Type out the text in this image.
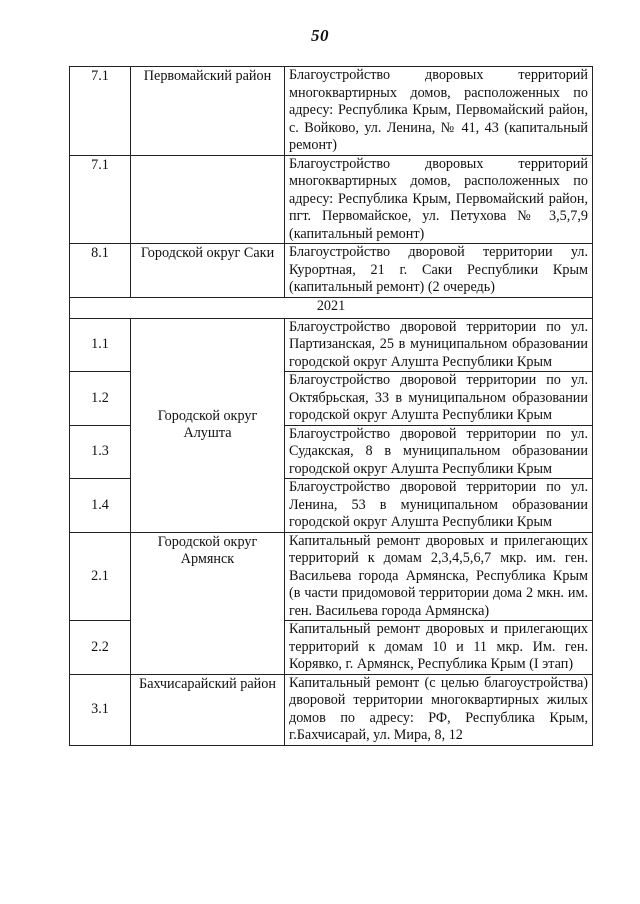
50
7.1	Первомайский район	Благоустройство дворовых территорий многоквартирных домов, расположенных по адресу: Республика Крым, Первомайский район, с. Войково, ул. Ленина, № 41, 43 (капитальный ремонт)
7.1		Благоустройство дворовых территорий многоквартирных домов, расположенных по адресу: Республика Крым, Первомайский район, пгт. Первомайское, ул. Петухова № 3,5,7,9 (капитальный ремонт)
8.1	Городской округ Саки	Благоустройство дворовой территории ул. Курортная, 21 г. Саки Республики Крым (капитальный ремонт) (2 очередь)
2021		
1.1	Городской округ Алушта	Благоустройство дворовой территории по ул. Партизанская, 25 в муниципальном образовании городской округ Алушта Республики Крым
1.2		Благоустройство дворовой территории по ул. Октябрьская, 33 в муниципальном образовании городской округ Алушта Республики Крым
1.3		Благоустройство дворовой территории по ул. Судакская, 8 в муниципальном образовании городской округ Алушта Республики Крым
1.4		Благоустройство дворовой территории по ул. Ленина, 53 в муниципальном образовании городской округ Алушта Республики Крым
2.1	Городской округ Армянск	Капитальный ремонт дворовых и прилегающих территорий к домам 2,3,4,5,6,7 мкр. им. ген. Васильева города Армянска, Республика Крым (в части придомовой территории дома 2 мкн. им. ген. Васильева города Армянска)
2.2		Капитальный ремонт дворовых и прилегающих территорий к домам 10 и 11 мкр. Им. ген. Корявко, г. Армянск, Республика Крым (I этап)
3.1	Бахчисарайский район	Капитальный ремонт (с целью благоустройства) дворовой территории многоквартирных жилых домов по адресу: РФ, Республика Крым, г.Бахчисарай, ул. Мира, 8, 12
